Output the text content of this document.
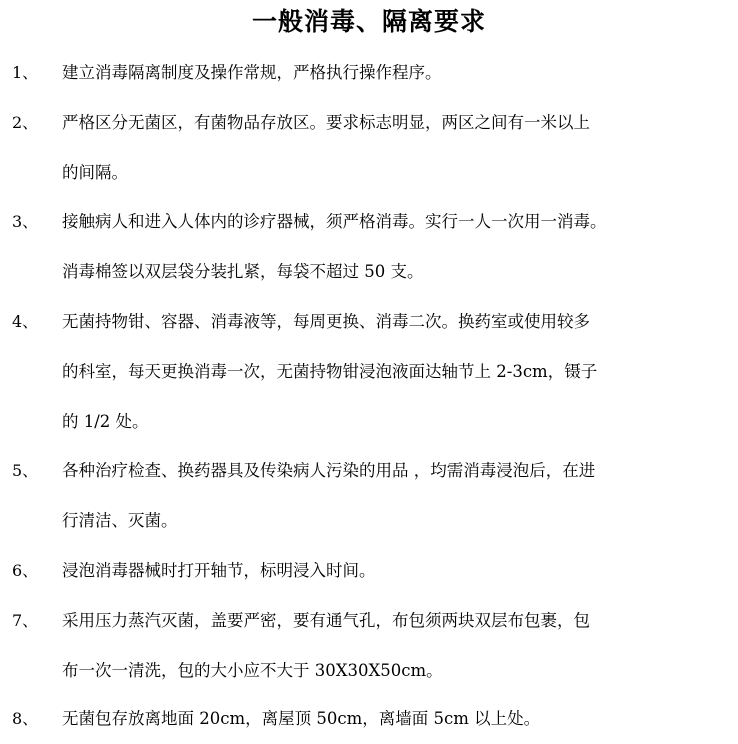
一般消毒、隔离要求
1、 建立消毒隔离制度及操作常规，严格执行操作程序。
2、 严格区分无菌区，有菌物品存放区。要求标志明显，两区之间有一米以上
的间隔。
3、 接触病人和进入人体内的诊疗器械，须严格消毒。实行一人一次用一消毒。
消毒棉签以双层袋分装扎紧，每袋不超过 50 支。
4、 无菌持物钳、容器、消毒液等，每周更换、消毒二次。换药室或使用较多
的科室，每天更换消毒一次，无菌持物钳浸泡液面达轴节上 2-3cm，镊子
的 1/2 处。
5、 各种治疗检查、换药器具及传染病人污染的用品 ，均需消毒浸泡后，在进
行清洁、灭菌。
6、 浸泡消毒器械时打开轴节，标明浸入时间。
7、 采用压力蒸汽灭菌，盖要严密，要有通气孔，布包须两块双层布包裹，包
布一次一清洗，包的大小应不大于 30X30X50cm。
8、 无菌包存放离地面 20cm，离屋顶 50cm，离墙面 5cm 以上处。
